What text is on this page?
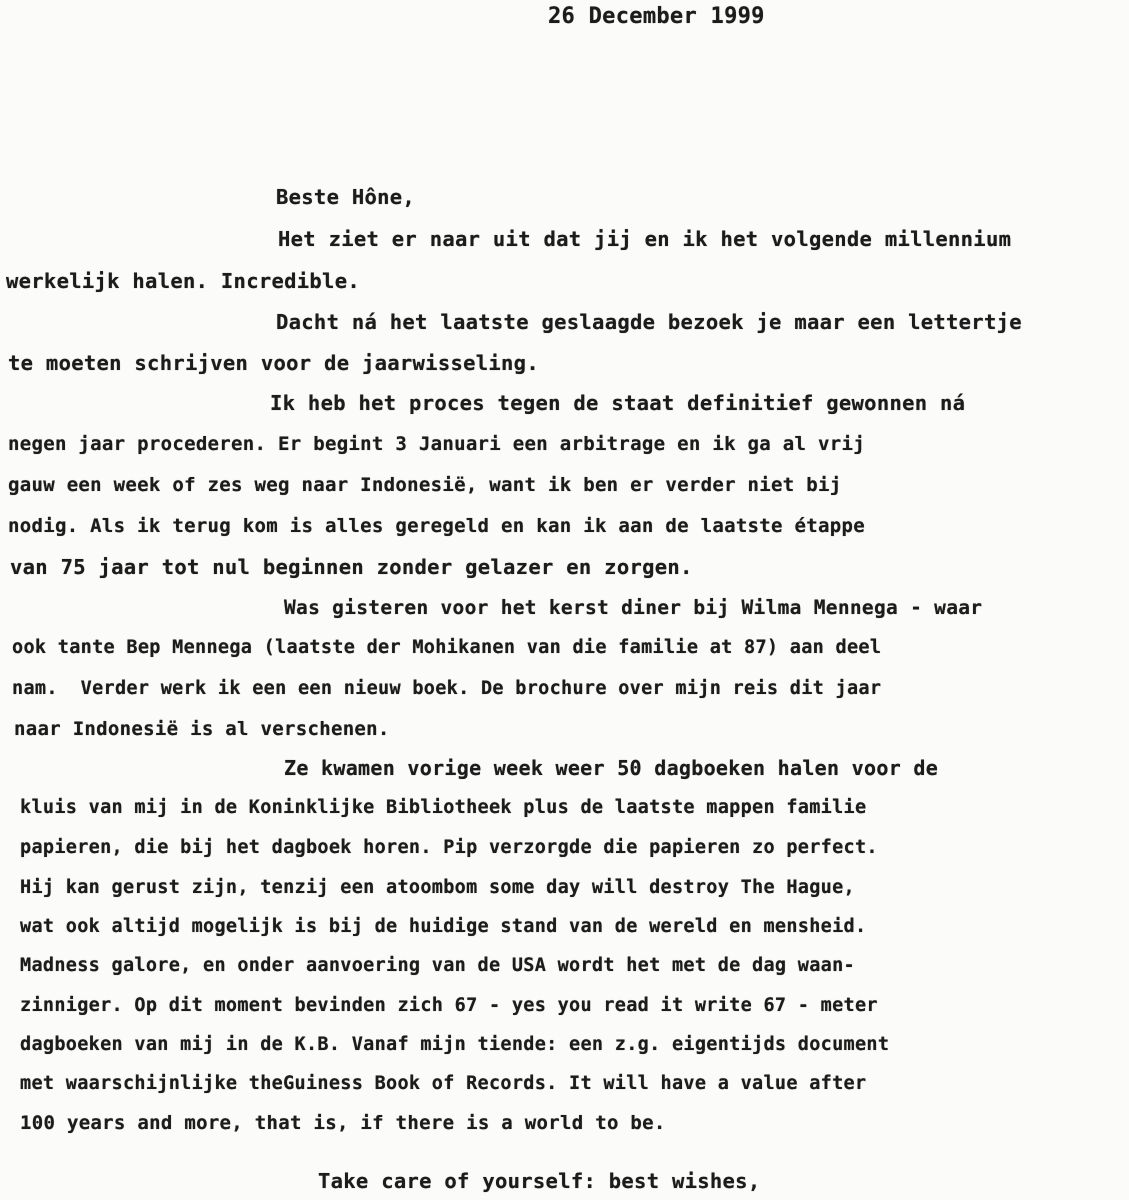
26 December 1999
Beste Hône,
Het ziet er naar uit dat jij en ik het volgende millennium
werkelijk halen. Incredible.
Dacht ná het laatste geslaagde bezoek je maar een lettertje
te moeten schrijven voor de jaarwisseling.
Ik heb het proces tegen de staat definitief gewonnen ná
negen jaar procederen. Er begint 3 Januari een arbitrage en ik ga al vrij
gauw een week of zes weg naar Indonesië, want ik ben er verder niet bij
nodig. Als ik terug kom is alles geregeld en kan ik aan de laatste étappe
van 75 jaar tot nul beginnen zonder gelazer en zorgen.
Was gisteren voor het kerst diner bij Wilma Mennega - waar
ook tante Bep Mennega (laatste der Mohikanen van die familie at 87) aan deel
nam.  Verder werk ik een een nieuw boek. De brochure over mijn reis dit jaar
naar Indonesië is al verschenen.
Ze kwamen vorige week weer 50 dagboeken halen voor de
kluis van mij in de Koninklijke Bibliotheek plus de laatste mappen familie
papieren, die bij het dagboek horen. Pip verzorgde die papieren zo perfect.
Hij kan gerust zijn, tenzij een atoombom some day will destroy The Hague,
wat ook altijd mogelijk is bij de huidige stand van de wereld en mensheid.
Madness galore, en onder aanvoering van de USA wordt het met de dag waan-
zinniger. Op dit moment bevinden zich 67 - yes you read it write 67 - meter
dagboeken van mij in de K.B. Vanaf mijn tiende: een z.g. eigentijds document
met waarschijnlijke theGuiness Book of Records. It will have a value after
100 years and more, that is, if there is a world to be.
Take care of yourself: best wishes,
